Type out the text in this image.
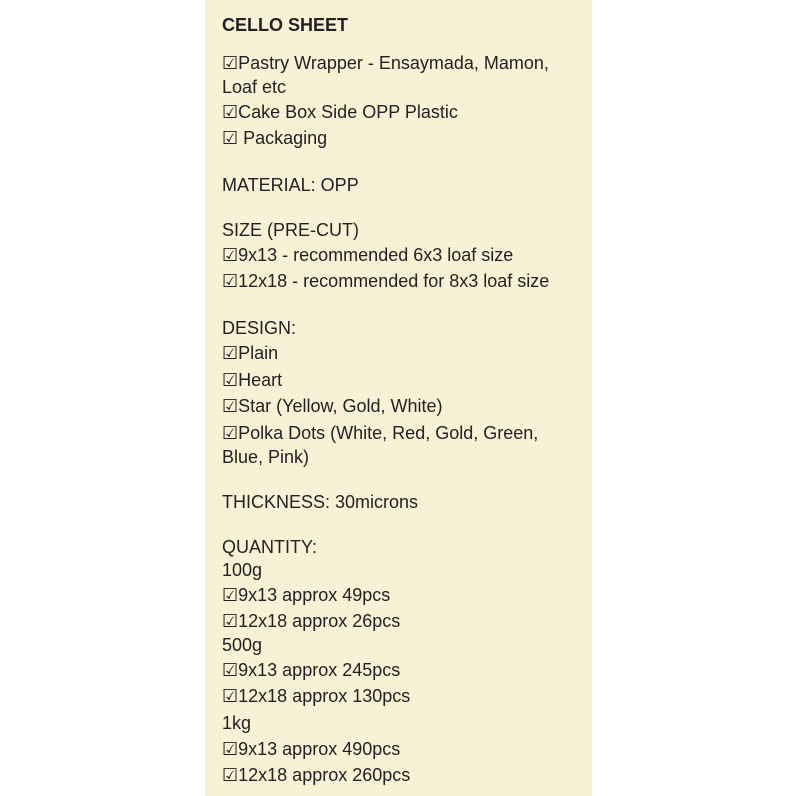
CELLO SHEET
☑Pastry Wrapper - Ensaymada, Mamon,
Loaf etc
☑Cake Box Side OPP Plastic
☑ Packaging
MATERIAL: OPP
SIZE (PRE-CUT)
☑9x13 - recommended 6x3 loaf size
☑12x18 - recommended for 8x3 loaf size
DESIGN:
☑Plain
☑Heart
☑Star (Yellow, Gold, White)
☑Polka Dots (White, Red, Gold, Green,
Blue, Pink)
THICKNESS: 30microns
QUANTITY:
100g
☑9x13 approx 49pcs
☑12x18 approx 26pcs
500g
☑9x13 approx 245pcs
☑12x18 approx 130pcs
1kg
☑9x13 approx 490pcs
☑12x18 approx 260pcs
